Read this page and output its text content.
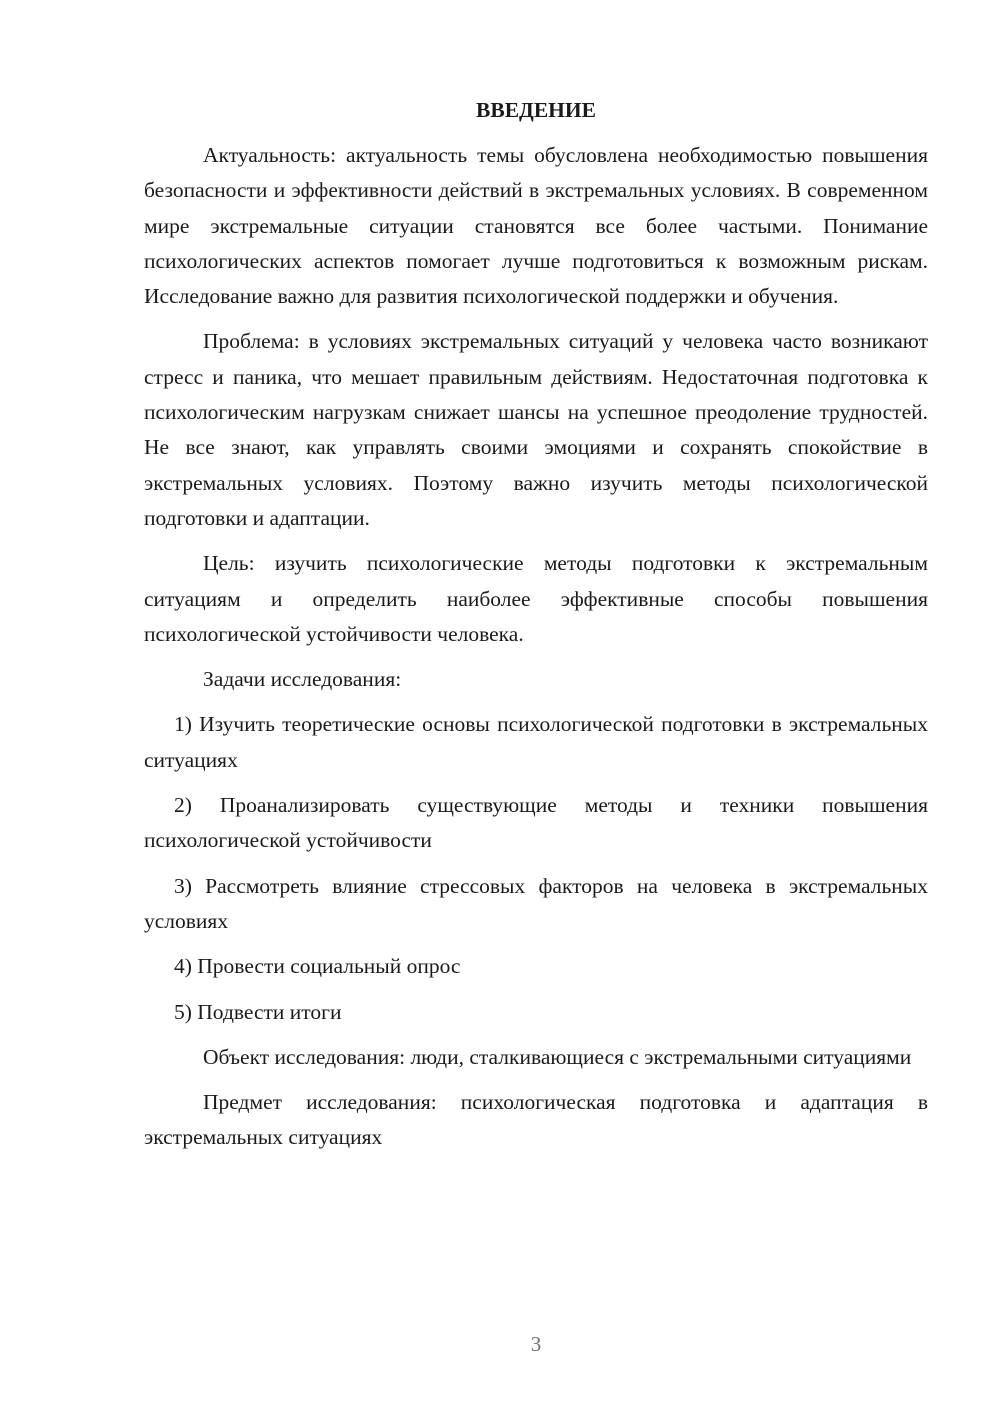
ВВЕДЕНИЕ

Актуальность: актуальность темы обусловлена необходимостью повышения безопасности и эффективности действий в экстремальных условиях. В современном мире экстремальные ситуации становятся все более частыми. Понимание психологических аспектов помогает лучше подготовиться к возможным рискам. Исследование важно для развития психологической поддержки и обучения.

Проблема: в условиях экстремальных ситуаций у человека часто возникают стресс и паника, что мешает правильным действиям. Недостаточная подготовка к психологическим нагрузкам снижает шансы на успешное преодоление трудностей. Не все знают, как управлять своими эмоциями и сохранять спокойствие в экстремальных условиях. Поэтому важно изучить методы психологической подготовки и адаптации.

Цель: изучить психологические методы подготовки к экстремальным ситуациям и определить наиболее эффективные способы повышения психологической устойчивости человека.

Задачи исследования:

1) Изучить теоретические основы психологической подготовки в экстремальных ситуациях

2) Проанализировать существующие методы и техники повышения психологической устойчивости

3) Рассмотреть влияние стрессовых факторов на человека в экстремальных условиях

4) Провести социальный опрос

5) Подвести итоги

Объект исследования: люди, сталкивающиеся с экстремальными ситуациями

Предмет исследования: психологическая подготовка и адаптация в экстремальных ситуациях

3
